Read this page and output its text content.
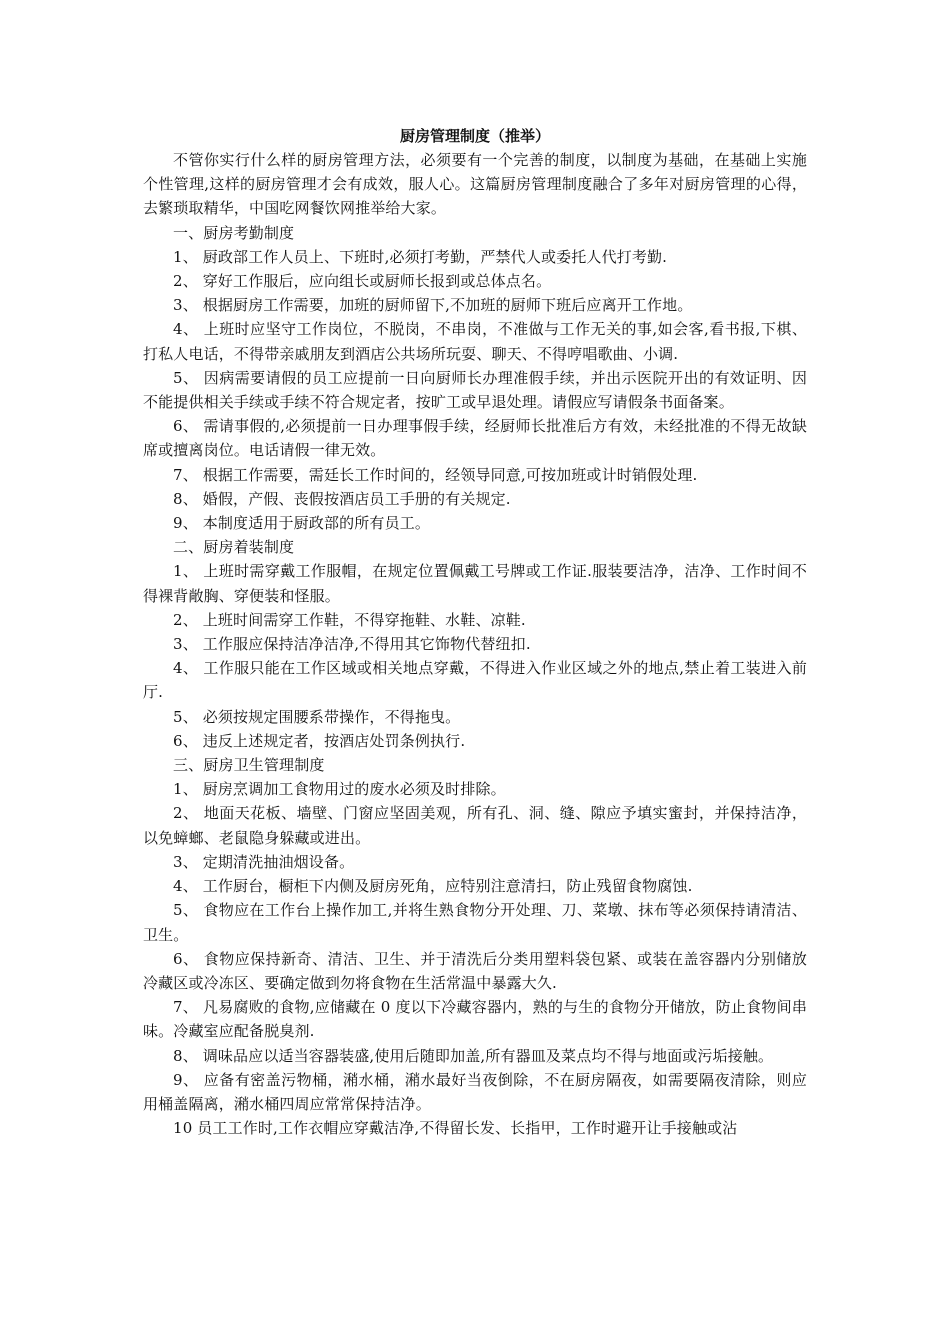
厨房管理制度（推举）

不管你实行什么样的厨房管理方法，必须要有一个完善的制度，以制度为基础，在基础上实施个性管理,这样的厨房管理才会有成效，服人心。这篇厨房管理制度融合了多年对厨房管理的心得，去繁琐取精华，中国吃网餐饮网推举给大家。

一、厨房考勤制度

1、 厨政部工作人员上、下班时,必须打考勤，严禁代人或委托人代打考勤.

2、 穿好工作服后，应向组长或厨师长报到或总体点名。

3、 根据厨房工作需要，加班的厨师留下,不加班的厨师下班后应离开工作地。

4、 上班时应坚守工作岗位，不脱岗，不串岗，不准做与工作无关的事,如会客,看书报,下棋、打私人电话，不得带亲戚朋友到酒店公共场所玩耍、聊天、不得哼唱歌曲、小调.

5、 因病需要请假的员工应提前一日向厨师长办理准假手续，并出示医院开出的有效证明、因不能提供相关手续或手续不符合规定者，按旷工或早退处理。请假应写请假条书面备案。

6、 需请事假的,必须提前一日办理事假手续，经厨师长批准后方有效，未经批准的不得无故缺席或擅离岗位。电话请假一律无效。

7、 根据工作需要，需廷长工作时间的，经领导同意,可按加班或计时销假处理.

8、 婚假，产假、丧假按酒店员工手册的有关规定.

9、 本制度适用于厨政部的所有员工。

二、厨房着装制度

1、 上班时需穿戴工作服帽，在规定位置佩戴工号牌或工作证.服装要洁净，洁净、工作时间不得裸背敞胸、穿便装和怪服。

2、 上班时间需穿工作鞋，不得穿拖鞋、水鞋、凉鞋.

3、 工作服应保持洁净洁净,不得用其它饰物代替纽扣.

4、 工作服只能在工作区域或相关地点穿戴，不得进入作业区域之外的地点,禁止着工装进入前厅.

5、 必须按规定围腰系带操作，不得拖曳。

6、 违反上述规定者，按酒店处罚条例执行.

三、厨房卫生管理制度

1、 厨房烹调加工食物用过的废水必须及时排除。

2、 地面天花板、墙壁、门窗应坚固美观，所有孔、洞、缝、隙应予填实蜜封，并保持洁净，以免蟑螂、老鼠隐身躲藏或进出。

3、 定期清洗抽油烟设备。

4、 工作厨台，橱柜下内侧及厨房死角，应特别注意清扫，防止残留食物腐蚀.

5、 食物应在工作台上操作加工,并将生熟食物分开处理、刀、菜墩、抹布等必须保持请清洁、卫生。

6、 食物应保持新奇、清洁、卫生、并于清洗后分类用塑料袋包紧、或装在盖容器内分别储放冷藏区或冷冻区、要确定做到勿将食物在生活常温中暴露大久.

7、 凡易腐败的食物,应储藏在 0 度以下冷藏容器内，熟的与生的食物分开储放，防止食物间串味。冷藏室应配备脱臭剂.

8、 调味品应以适当容器装盛,使用后随即加盖,所有器皿及菜点均不得与地面或污垢接触。

9、 应备有密盖污物桶，潲水桶，潲水最好当夜倒除，不在厨房隔夜，如需要隔夜清除，则应用桶盖隔离，潲水桶四周应常常保持洁净。

10 员工工作时,工作衣帽应穿戴洁净,不得留长发、长指甲，工作时避开让手接触或沾
